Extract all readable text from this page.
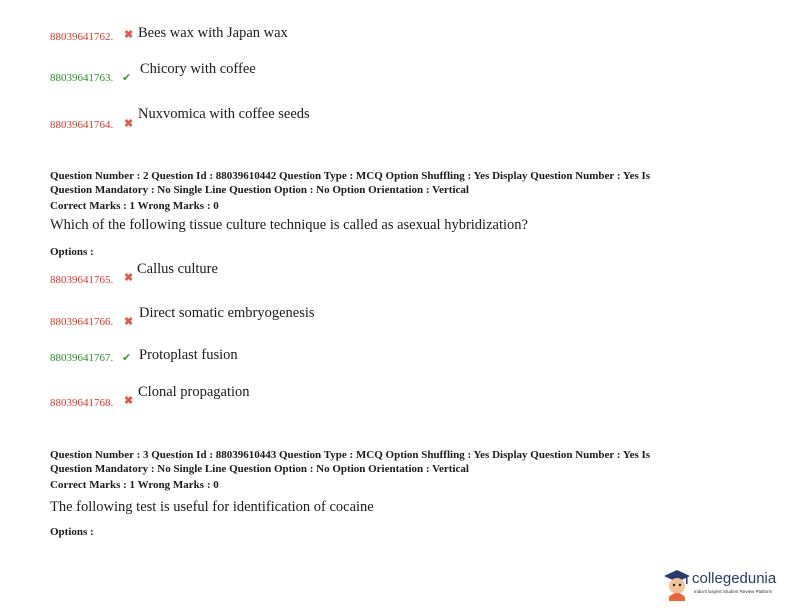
88039641762. ✖ Bees wax with Japan wax
88039641763. ✔
Chicory with coffee
88039641764. ✖
Nuxvomica with coffee seeds
Question Number : 2 Question Id : 88039610442 Question Type : MCQ Option Shuffling : Yes Display Question Number : Yes Is
Question Mandatory : No Single Line Question Option : No Option Orientation : Vertical
Correct Marks : 1 Wrong Marks : 0
Which of the following tissue culture technique is called as asexual hybridization?
Options :
88039641765. ✖
Callus culture
88039641766. ✖
Direct somatic embryogenesis
88039641767. ✔ Protoplast fusion
88039641768. ✖
Clonal propagation
Question Number : 3 Question Id : 88039610443 Question Type : MCQ Option Shuffling : Yes Display Question Number : Yes Is
Question Mandatory : No Single Line Question Option : No Option Orientation : Vertical
Correct Marks : 1 Wrong Marks : 0
The following test is useful for identification of cocaine
Options :
collegedunia
India's largest Student Review Platform
